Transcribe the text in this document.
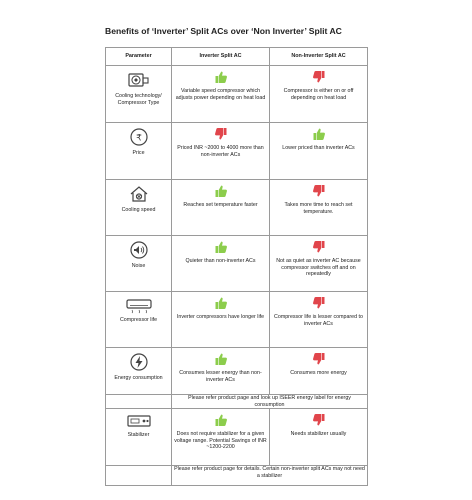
Benefits of ‘Inverter’ Split ACs over ‘Non Inverter’ Split AC
Parameter	Inverter Split AC	Non-Inverter Split AC

Cooling technology/ Compressor Type	Variable speed compressor which adjusts power depending on heat load	Compressor is either on or off depending on heat load

₹
Price	Priced INR ~2000 to 4000 more than non-inverter ACs	Lower priced than inverter ACs

Cooling speed	Reaches set temperature faster	Takes more time to reach set temperature.

Noise	Quieter than non-inverter ACs	Not as quiet as inverter AC because compressor switches off and on repeatedly

Compressor life	Inverter compressors have longer life	Compressor life is lesser compared to inverter ACs

Energy consumption	Consumes lesser energy than non-inverter ACs	Consumes more energy

	Please refer product page and look up ISEER energy label for energy consumption	

Stabilizer	Does not require stabilizer for a given voltage range. Potential Savings of INR ~1200-2200	Needs stabilizer usually

	Please refer product page for details. Certain non-inverter split ACs may not need a stabilizer	
